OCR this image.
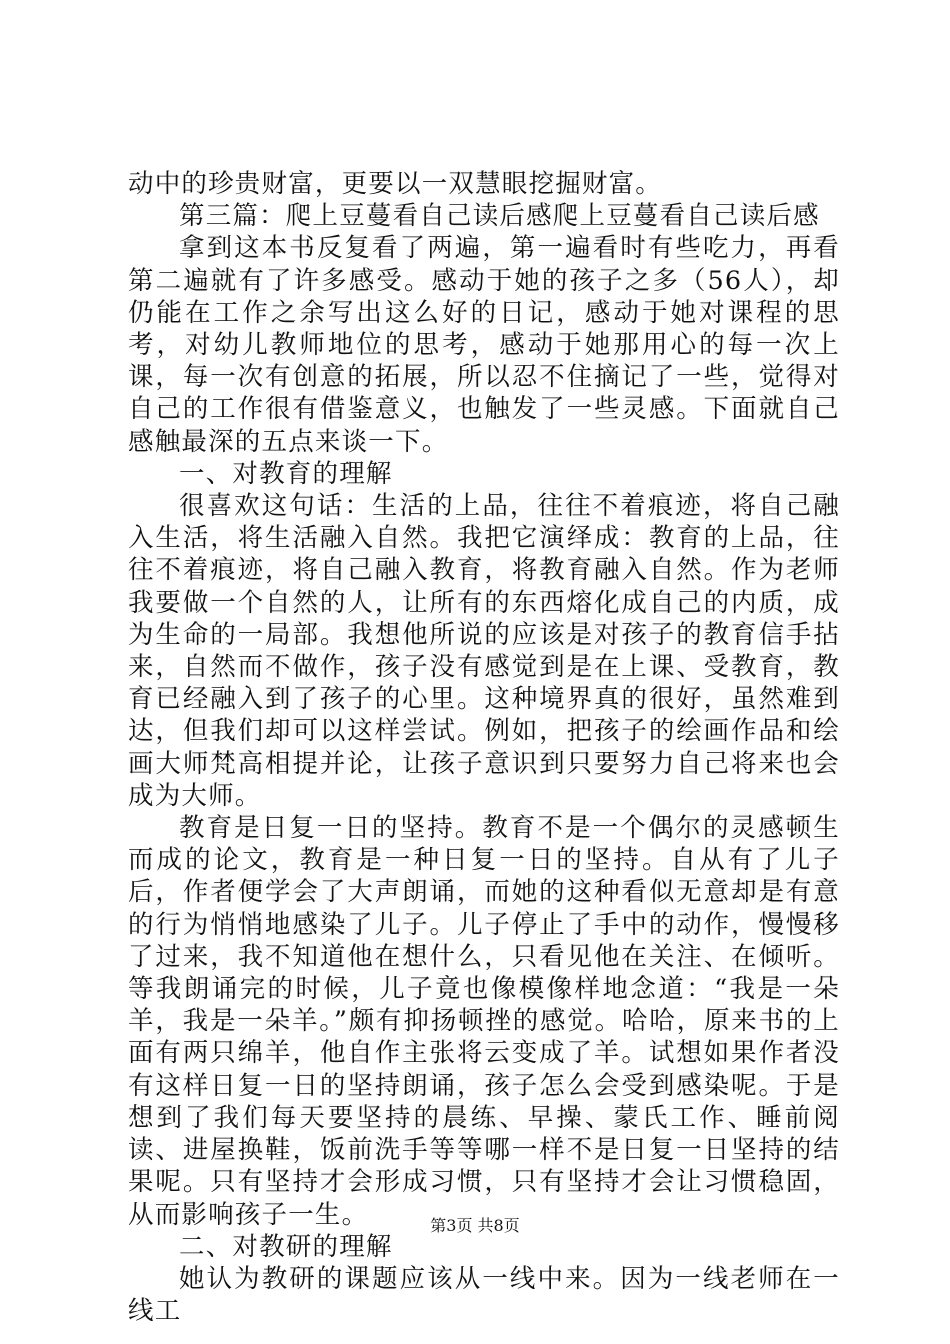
动中的珍贵财富，更要以一双慧眼挖掘财富。

第三篇：爬上豆蔓看自己读后感爬上豆蔓看自己读后感

拿到这本书反复看了两遍，第一遍看时有些吃力，再看第二遍就有了许多感受。感动于她的孩子之多（56人），却仍能在工作之余写出这么好的日记，感动于她对课程的思考，对幼儿教师地位的思考，感动于她那用心的每一次上课，每一次有创意的拓展，所以忍不住摘记了一些，觉得对自己的工作很有借鉴意义，也触发了一些灵感。下面就自己感触最深的五点来谈一下。

一、对教育的理解

很喜欢这句话：生活的上品，往往不着痕迹，将自己融入生活，将生活融入自然。我把它演绎成：教育的上品，往往不着痕迹，将自己融入教育，将教育融入自然。作为老师我要做一个自然的人，让所有的东西熔化成自己的内质，成为生命的一局部。我想他所说的应该是对孩子的教育信手拈来，自然而不做作，孩子没有感觉到是在上课、受教育，教育已经融入到了孩子的心里。这种境界真的很好，虽然难到达，但我们却可以这样尝试。例如，把孩子的绘画作品和绘画大师梵高相提并论，让孩子意识到只要努力自己将来也会成为大师。

教育是日复一日的坚持。教育不是一个偶尔的灵感顿生而成的论文，教育是一种日复一日的坚持。自从有了儿子后，作者便学会了大声朗诵，而她的这种看似无意却是有意的行为悄悄地感染了儿子。儿子停止了手中的动作，慢慢移了过来，我不知道他在想什么，只看见他在关注、在倾听。等我朗诵完的时候，儿子竟也像模像样地念道：“我是一朵羊，我是一朵羊。”颇有抑扬顿挫的感觉。哈哈，原来书的上面有两只绵羊，他自作主张将云变成了羊。试想如果作者没有这样日复一日的坚持朗诵，孩子怎么会受到感染呢。于是想到了我们每天要坚持的晨练、早操、蒙氏工作、睡前阅读、进屋换鞋，饭前洗手等等哪一样不是日复一日坚持的结果呢。只有坚持才会形成习惯，只有坚持才会让习惯稳固，从而影响孩子一生。

二、对教研的理解

她认为教研的课题应该从一线中来。因为一线老师在一线工

第3页 共8页
